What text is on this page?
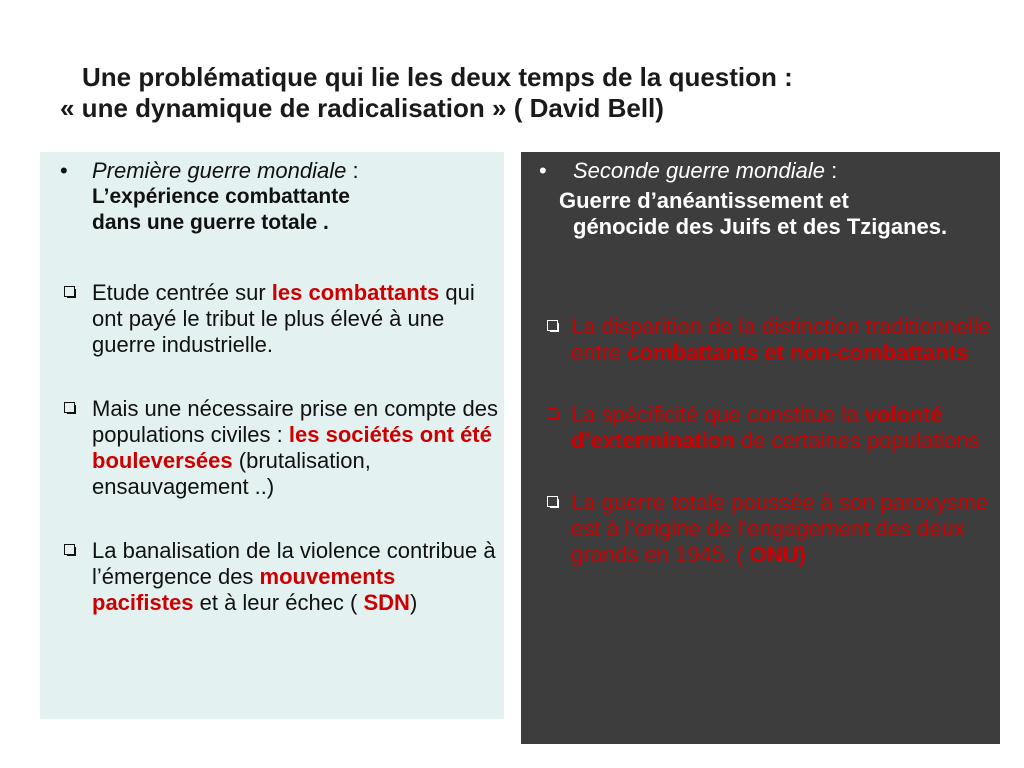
Une problématique qui lie les deux temps de la question :
« une dynamique de radicalisation » ( David Bell)
•	Première guerre mondiale :
L’expérience combattante
dans une guerre totale .
Etude centrée sur les combattants qui ont payé le tribut le plus élevé à une guerre industrielle.
Mais une nécessaire prise en compte des populations civiles : les sociétés ont été bouleversées (brutalisation, ensauvagement ..)
La banalisation de la violence contribue à l’émergence des mouvements pacifistes et à leur échec ( SDN)
•	Seconde guerre mondiale :
Guerre d’anéantissement et
génocide des Juifs et des Tziganes.
La disparition de la distinction traditionnelle entre combattants et non-combattants
La spécificité que constitue la volonté d’extermination de certaines populations
La guerre totale poussée à son paroxysme est à l’origine de l’engagement des deux grands en 1945. ( ONU)
